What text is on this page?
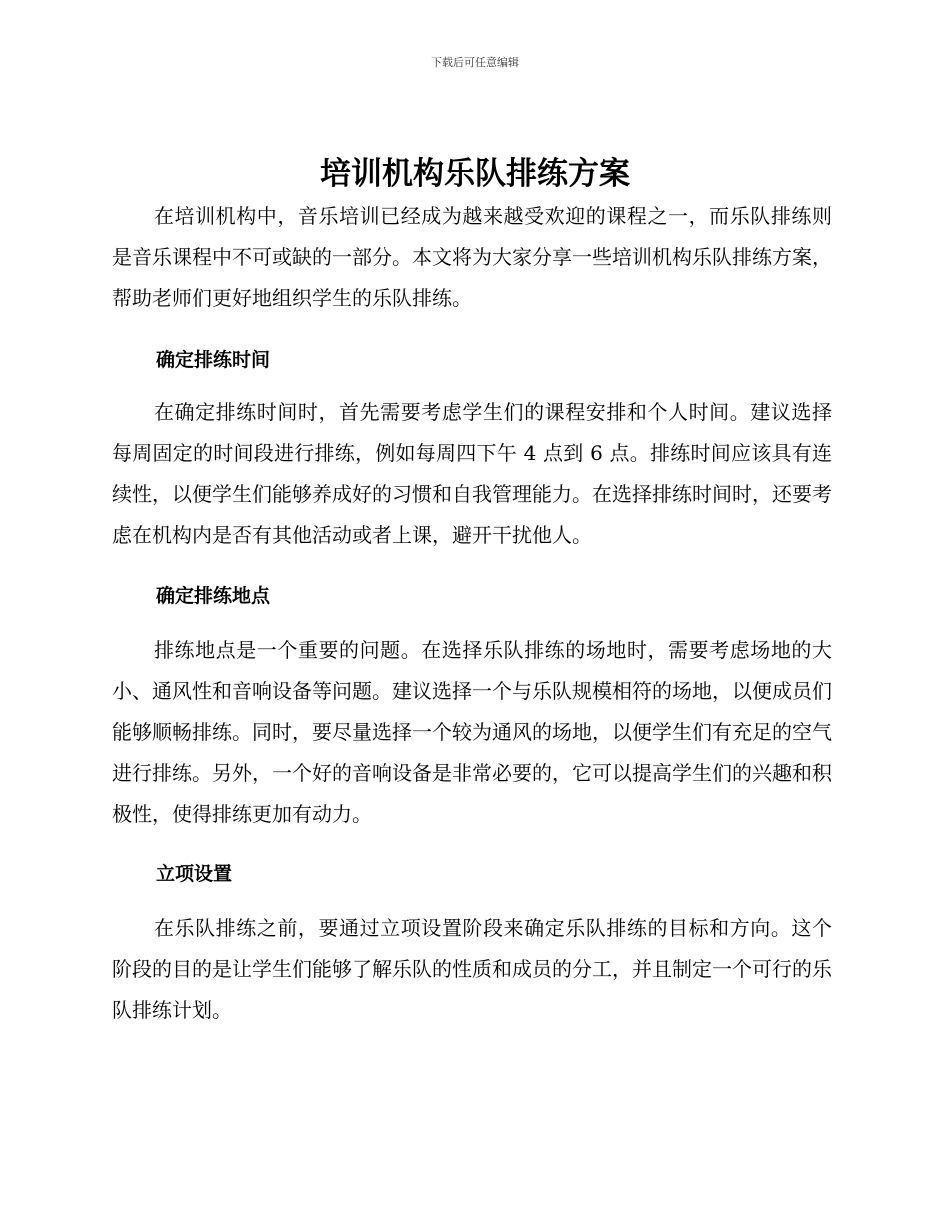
下载后可任意编辑
培训机构乐队排练方案

在培训机构中，音乐培训已经成为越来越受欢迎的课程之一，而乐队排练则是音乐课程中不可或缺的一部分。本文将为大家分享一些培训机构乐队排练方案，帮助老师们更好地组织学生的乐队排练。

确定排练时间

在确定排练时间时，首先需要考虑学生们的课程安排和个人时间。建议选择每周固定的时间段进行排练，例如每周四下午 4 点到 6 点。排练时间应该具有连续性，以便学生们能够养成好的习惯和自我管理能力。在选择排练时间时，还要考虑在机构内是否有其他活动或者上课，避开干扰他人。

确定排练地点

排练地点是一个重要的问题。在选择乐队排练的场地时，需要考虑场地的大小、通风性和音响设备等问题。建议选择一个与乐队规模相符的场地，以便成员们能够顺畅排练。同时，要尽量选择一个较为通风的场地，以便学生们有充足的空气进行排练。另外，一个好的音响设备是非常必要的，它可以提高学生们的兴趣和积极性，使得排练更加有动力。

立项设置

在乐队排练之前，要通过立项设置阶段来确定乐队排练的目标和方向。这个阶段的目的是让学生们能够了解乐队的性质和成员的分工，并且制定一个可行的乐队排练计划。
